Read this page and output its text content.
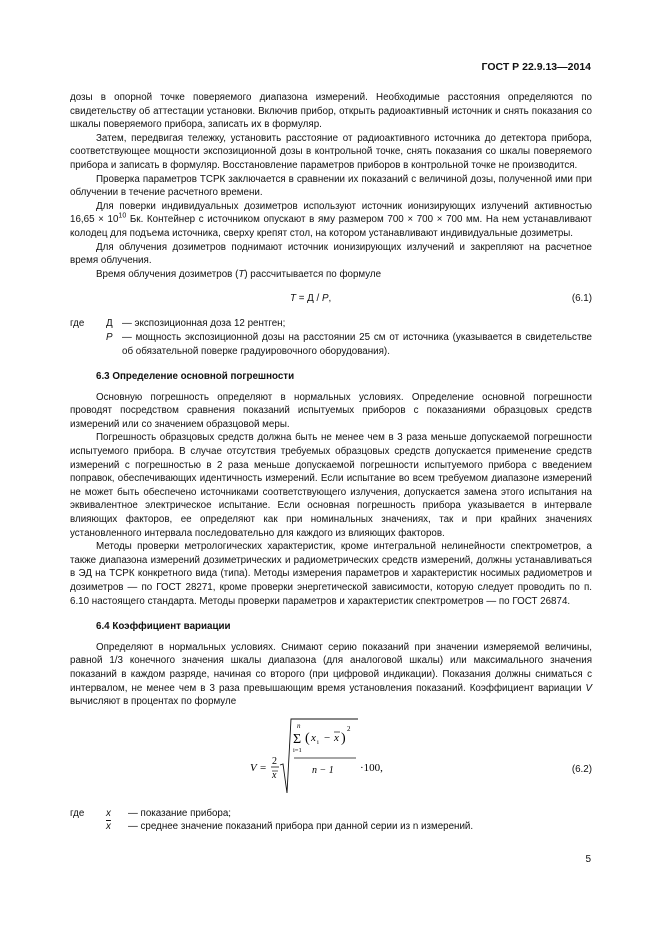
ГОСТ Р 22.9.13—2014

дозы в опорной точке поверяемого диапазона измерений. Необходимые расстояния определяются по свидетельству об аттестации установки. Включив прибор, открыть радиоактивный источник и снять показания со шкалы поверяемого прибора, записать их в формуляр.

Затем, передвигая тележку, установить расстояние от радиоактивного источника до детектора прибора, соответствующее мощности экспозиционной дозы в контрольной точке, снять показания со шкалы поверяемого прибора и записать в формуляр. Восстановление параметров приборов в контрольной точке не производится.

Проверка параметров ТСРК заключается в сравнении их показаний с величиной дозы, полученной ими при облучении в течение расчетного времени.

Для поверки индивидуальных дозиметров используют источник ионизирующих излучений активностью $16,65 \times 10^{10}$ Бк. Контейнер с источником опускают в яму размером 700 × 700 × 700 мм. На нем устанавливают колодец для подъема источника, сверху крепят стол, на котором устанавливают индивидуальные дозиметры.

Для облучения дозиметров поднимают источник ионизирующих излучений и закрепляют на расчетное время облучения.

Время облучения дозиметров (T) рассчитывается по формуле

T = Д / P,	(6.1)
где	Д — экспозиционная доза 12 рентген;
P — мощность экспозиционной дозы на расстоянии 25 см от источника (указывается в свидетельстве об обязательной поверке градуировочного оборудования).
6.3 Определение основной погрешности

Основную погрешность определяют в нормальных условиях. Определение основной погрешности проводят посредством сравнения показаний испытуемых приборов с показаниями образцовых средств измерений или со значением образцовой меры.

Погрешность образцовых средств должна быть не менее чем в 3 раза меньше допускаемой погрешности испытуемого прибора. В случае отсутствия требуемых образцовых средств допускается применение средств измерений с погрешностью в 2 раза меньше допускаемой погрешности испытуемого прибора с введением поправок, обеспечивающих идентичность измерений. Если испытание во всем требуемом диапазоне измерений не может быть обеспечено источниками соответствующего излучения, допускается замена этого испытания на эквивалентное электрическое испытание. Если основная погрешность прибора указывается в интервале влияющих факторов, ее определяют как при номинальных значениях, так и при крайних значениях установленного интервала последовательно для каждого из влияющих факторов.

Методы проверки метрологических характеристик, кроме интегральной нелинейности спектрометров, а также диапазона измерений дозиметрических и радиометрических средств измерений, должны устанавливаться в ЭД на ТСРК конкретного вида (типа). Методы измерения параметров и характеристик носимых радиометров и дозиметров — по ГОСТ 28271, кроме проверки энергетической зависимости, которую следует проводить по п. 6.10 настоящего стандарта. Методы проверки параметров и характеристик спектрометров — по ГОСТ 26874.

6.4 Коэффициент вариации

Определяют в нормальных условиях. Снимают серию показаний при значении измеряемой величины, равной 1/3 конечного значения шкалы диапазона (для аналоговой шкалы) или максимального значения показаний в каждом разряде, начиная со второго (при цифровой индикации). Показания должны сниматься с интервалом, не менее чем в 3 раза превышающим время установления показаний. Коэффициент вариации V вычисляют в процентах по формуле

V =
2
x
n
Σ
i=1
( x i − x )
2
n − 1 ·100,	(6.2)
где	x	— показание прибора;
$\overline{x}$	— среднее значение показаний прибора при данной серии из n измерений.
5
